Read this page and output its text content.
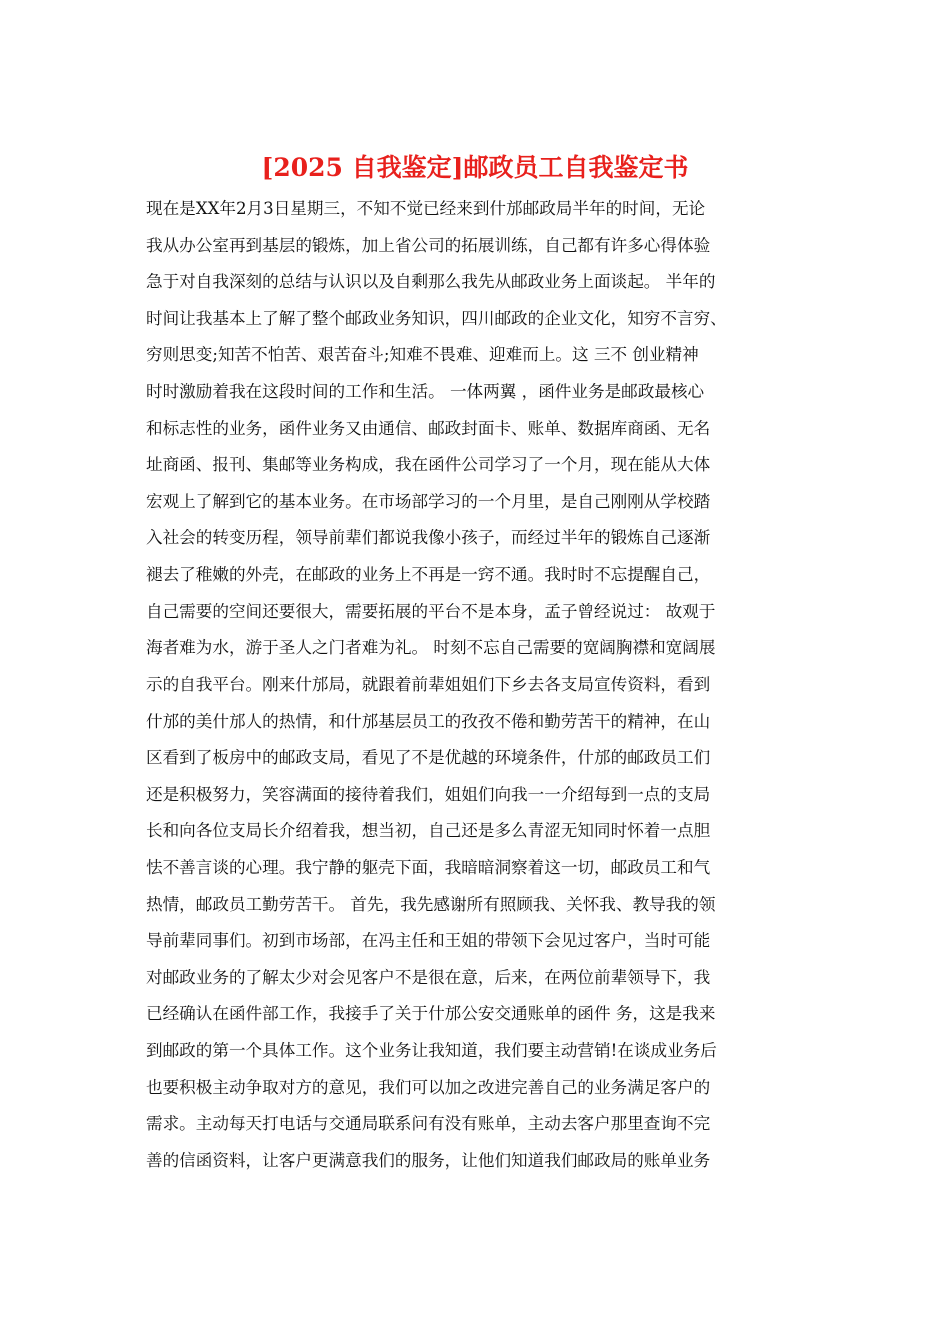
[2025 自我鉴定]邮政员工自我鉴定书
现在是XX年2月3日星期三，不知不觉已经来到什邡邮政局半年的时间，无论
我从办公室再到基层的锻炼，加上省公司的拓展训练，自己都有许多心得体验
急于对自我深刻的总结与认识以及自剩那么我先从邮政业务上面谈起。 半年的
时间让我基本上了解了整个邮政业务知识，四川邮政的企业文化，知穷不言穷、
穷则思变;知苦不怕苦、艰苦奋斗;知难不畏难、迎难而上。这 三不 创业精神
时时激励着我在这段时间的工作和生活。 一体两翼 ，函件业务是邮政最核心
和标志性的业务，函件业务又由通信、邮政封面卡、账单、数据库商函、无名
址商函、报刊、集邮等业务构成，我在函件公司学习了一个月，现在能从大体
宏观上了解到它的基本业务。在市场部学习的一个月里，是自己刚刚从学校踏
入社会的转变历程，领导前辈们都说我像小孩子，而经过半年的锻炼自己逐渐
褪去了稚嫩的外壳，在邮政的业务上不再是一窍不通。我时时不忘提醒自己，
自己需要的空间还要很大，需要拓展的平台不是本身，孟子曾经说过： 故观于
海者难为水，游于圣人之门者难为礼。 时刻不忘自己需要的宽阔胸襟和宽阔展
示的自我平台。刚来什邡局，就跟着前辈姐姐们下乡去各支局宣传资料，看到
什邡的美什邡人的热情，和什邡基层员工的孜孜不倦和勤劳苦干的精神，在山
区看到了板房中的邮政支局，看见了不是优越的环境条件，什邡的邮政员工们
还是积极努力，笑容满面的接待着我们，姐姐们向我一一介绍每到一点的支局
长和向各位支局长介绍着我，想当初，自己还是多么青涩无知同时怀着一点胆
怯不善言谈的心理。我宁静的躯壳下面，我暗暗洞察着这一切，邮政员工和气
热情，邮政员工勤劳苦干。 首先，我先感谢所有照顾我、关怀我、教导我的领
导前辈同事们。初到市场部，在冯主任和王姐的带领下会见过客户，当时可能
对邮政业务的了解太少对会见客户不是很在意，后来，在两位前辈领导下，我
已经确认在函件部工作，我接手了关于什邡公安交通账单的函件 务，这是我来
到邮政的第一个具体工作。这个业务让我知道，我们要主动营销!在谈成业务后
也要积极主动争取对方的意见，我们可以加之改进完善自己的业务满足客户的
需求。主动每天打电话与交通局联系问有没有账单，主动去客户那里查询不完
善的信函资料，让客户更满意我们的服务，让他们知道我们邮政局的账单业务
